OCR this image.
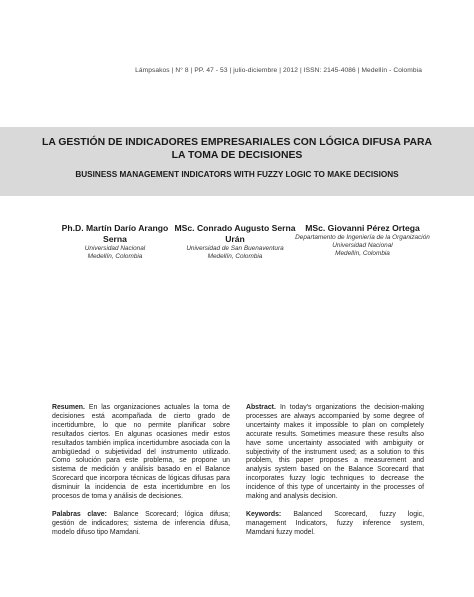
Lámpsakos | N° 8 | PP. 47 - 53 | julio-diciembre | 2012 | ISSN: 2145-4086 | Medellín - Colombia
LA GESTIÓN DE INDICADORES EMPRESARIALES CON LÓGICA DIFUSA PARA LA TOMA DE DECISIONES
BUSINESS MANAGEMENT INDICATORS WITH FUZZY LOGIC TO MAKE DECISIONS
Ph.D. Martín Darío Arango Serna
Universidad Nacional
Medellín, Colombia
MSc. Conrado Augusto Serna Urán
Universidad de San Buenaventura
Medellín, Colombia
MSc. Giovanni Pérez Ortega
Departamento de Ingeniería de la Organización Universidad Nacional
Medellín, Colombia

Resumen. En las organizaciones actuales la toma de decisiones está acompañada de cierto grado de incertidumbre, lo que no permite planificar sobre resultados ciertos. En algunas ocasiones medir estos resultados también implica incertidumbre asociada con la ambigüedad o subjetividad del instrumento utilizado. Como solución para este problema, se propone un sistema de medición y análisis basado en el Balance Scorecard que incorpora técnicas de lógicas difusas para disminuir la incidencia de esta incertidumbre en los procesos de toma y análisis de decisiones.

Palabras clave: Balance Scorecard; lógica difusa; gestión de indicadores; sistema de inferencia difusa, modelo difuso tipo Mamdani.

Abstract. In today's organizations the decision-making processes are always accompanied by some degree of uncertainty makes it impossible to plan on completely accurate results. Sometimes measure these results also have some uncertainty associated with ambiguity or subjectivity of the instrument used; as a solution to this problem, this paper proposes a measurement and analysis system based on the Balance Scorecard that incorporates fuzzy logic techniques to decrease the incidence of this type of uncertainty in the processes of making and analysis decision.

Keywords: Balanced Scorecard, fuzzy logic, management Indicators, fuzzy inference system, Mamdani fuzzy model.
